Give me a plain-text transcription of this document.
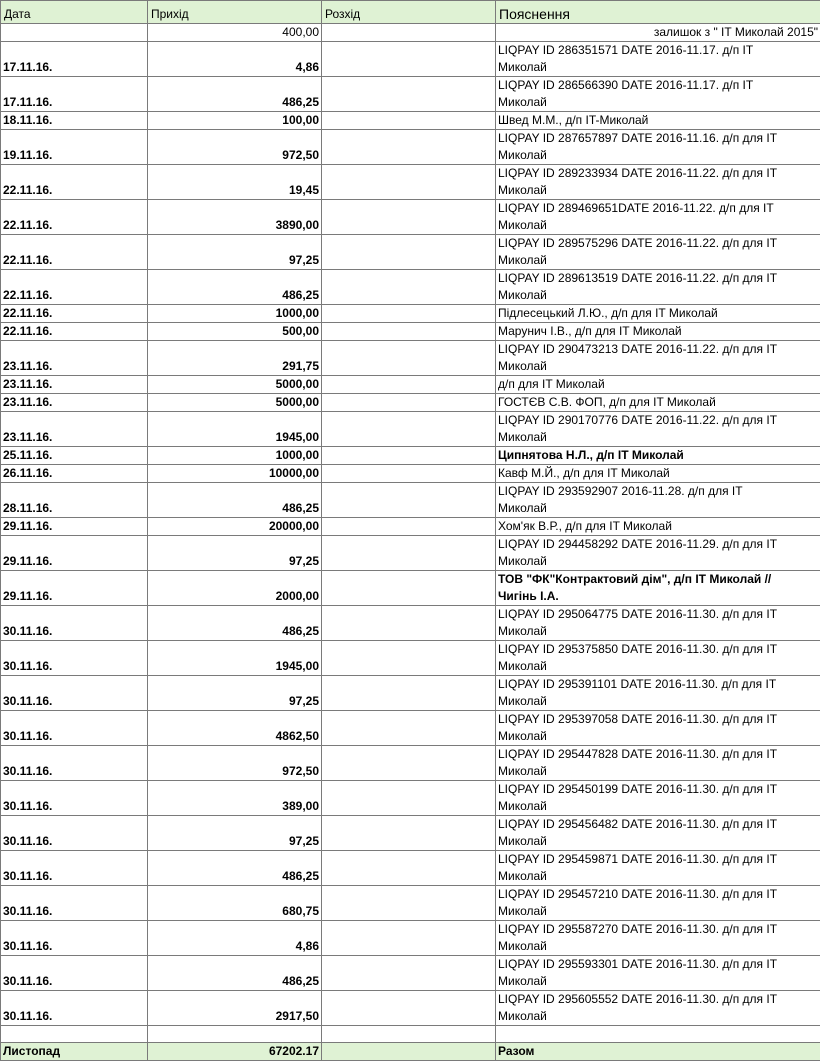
Дата	Прихід	Розхід	Пояснення
	400,00		залишок з " IT Миколай 2015"
17.11.16.	4,86		LIQPAY ID 286351571 DATE 2016-11.17. д/п IT
Миколай
17.11.16.	486,25		LIQPAY ID 286566390 DATE 2016-11.17. д/п IT
Миколай
18.11.16.	100,00		Швед М.М., д/п IT-Миколай
19.11.16.	972,50		LIQPAY ID 287657897 DATE 2016-11.16. д/п для IT
Миколай
22.11.16.	19,45		LIQPAY ID 289233934 DATE 2016-11.22. д/п для IT
Миколай
22.11.16.	3890,00		LIQPAY ID 289469651DATE 2016-11.22. д/п для IT
Миколай
22.11.16.	97,25		LIQPAY ID 289575296 DATE 2016-11.22. д/п для IT
Миколай
22.11.16.	486,25		LIQPAY ID 289613519 DATE 2016-11.22. д/п для IT
Миколай
22.11.16.	1000,00		Підлесецький Л.Ю., д/п для IT Миколай
22.11.16.	500,00		Марунич І.В., д/п для IT Миколай
23.11.16.	291,75		LIQPAY ID 290473213 DATE 2016-11.22. д/п для IT
Миколай
23.11.16.	5000,00		д/п для IT Миколай
23.11.16.	5000,00		ГОСТЄВ С.В. ФОП, д/п для IT Миколай
23.11.16.	1945,00		LIQPAY ID 290170776 DATE 2016-11.22. д/п для IT
Миколай
25.11.16.	1000,00		Ципнятова Н.Л., д/п IT Миколай
26.11.16.	10000,00		Кавф М.Й., д/п для IT Миколай
28.11.16.	486,25		LIQPAY ID 293592907 2016-11.28. д/п для IT
Миколай
29.11.16.	20000,00		Хом'як В.Р., д/п для IT Миколай
29.11.16.	97,25		LIQPAY ID 294458292 DATE 2016-11.29. д/п для IT
Миколай
29.11.16.	2000,00		ТОВ "ФК"Контрактовий дім", д/п IT Миколай //
Чигінь І.А.
30.11.16.	486,25		LIQPAY ID 295064775 DATE 2016-11.30. д/п для IT
Миколай
30.11.16.	1945,00		LIQPAY ID 295375850 DATE 2016-11.30. д/п для IT
Миколай
30.11.16.	97,25		LIQPAY ID 295391101 DATE 2016-11.30. д/п для IT
Миколай
30.11.16.	4862,50		LIQPAY ID 295397058 DATE 2016-11.30. д/п для IT
Миколай
30.11.16.	972,50		LIQPAY ID 295447828 DATE 2016-11.30. д/п для IT
Миколай
30.11.16.	389,00		LIQPAY ID 295450199 DATE 2016-11.30. д/п для IT
Миколай
30.11.16.	97,25		LIQPAY ID 295456482 DATE 2016-11.30. д/п для IT
Миколай
30.11.16.	486,25		LIQPAY ID 295459871 DATE 2016-11.30. д/п для IT
Миколай
30.11.16.	680,75		LIQPAY ID 295457210 DATE 2016-11.30. д/п для IT
Миколай
30.11.16.	4,86		LIQPAY ID 295587270 DATE 2016-11.30. д/п для IT
Миколай
30.11.16.	486,25		LIQPAY ID 295593301 DATE 2016-11.30. д/п для IT
Миколай
30.11.16.	2917,50		LIQPAY ID 295605552 DATE 2016-11.30. д/п для IT
Миколай

Листопад	67202.17		Разом
